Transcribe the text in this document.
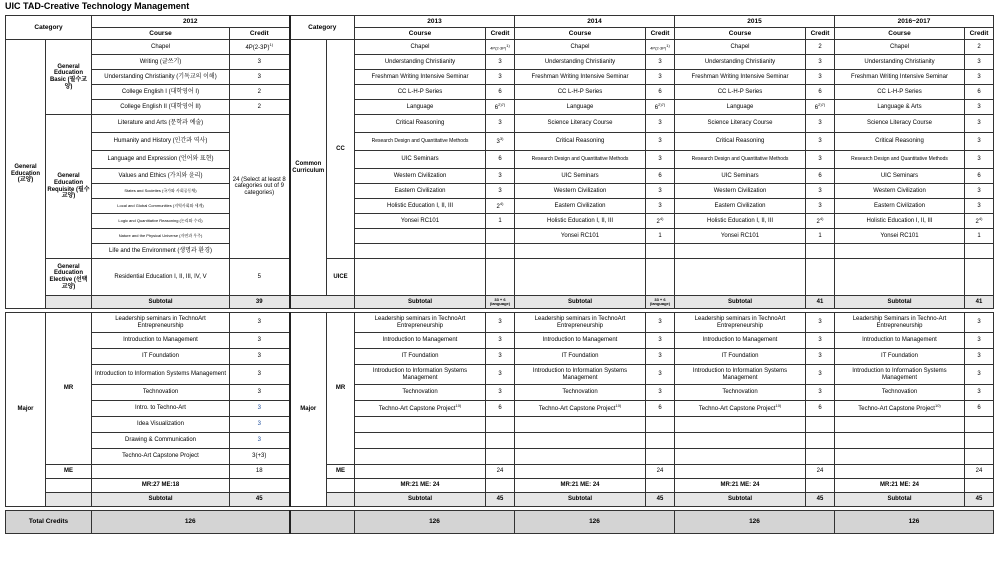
UIC TAD-Creative Technology Management
Category		2012		Category		2013		2014		2015		2016~2017	
		Course	Credit			Course	Credit	Course	Credit	Course	Credit	Course	Credit
General Education (교양)	General Education Basic (필수교양)	Chapel	$4P(2-3P)^{1)}$	Common Curriculum	CC	Chapel	4P(2-3P)1)	Chapel	4P(2-3P)1)	Chapel	2	Chapel	2
		Writing (글쓰기)	3			Understanding Christianity	3	Understanding Christianity	3	Understanding Christianity	3	Understanding Christianity	3
		Understanding Christianity (기독교의 이해)	3			Freshman Writing Intensive Seminar	3	Freshman Writing Intensive Seminar	3	Freshman Writing Intensive Seminar	3	Freshman Writing Intensive Seminar	3
		College English I (대학영어 I)	2			CC L-H-P Series	6	CC L-H-P Series	6	CC L-H-P Series	6	CC L-H-P Series	6
		College English II (대학영어 II)	2			Language	$6^{2)7)}$	Language	$6^{2)7)}$	Language	$6^{2)7)}$	Language & Arts	3
	General Education Requisite (필수교양)	Literature and Arts (문학과 예술)	24 (Select at least 8 categories out of 9 categories)			Critical Reasoning	3	Science Literacy Course	3	Science Literacy Course	3	Science Literacy Course	3
		Humanity and History (인간과 역사)				Research Design and Quantitative Methods	3$^{3)}$	Critical Reasoning	3	Critical Reasoning	3	Critical Reasoning	3
		Language and Expression (언어와 표현)				UIC Seminars	6	Research Design and Quantitative Methods	3	Research Design and Quantitative Methods	3	Research Design and Quantitative Methods	3
		Values and Ethics (가치와 윤리)				Western Civilization	3	UIC Seminars	6	UIC Seminars	6	UIC Seminars	6
		States and Societies (국가와 사회공동체)				Eastern Civilization	3	Western Civilization	3	Western Civilization	3	Western Civilization	3
		Local and Global Communities (지역사회와 세계)				Holistic Education I, II, III	2$^{4)}$	Eastern Civilization	3	Eastern Civilization	3	Eastern Civilization	3
		Logic and Quantitative Reasoning (논리와 수리)				Yonsei RC101	1	Holistic Education I, II, III	2$^{4)}$	Holistic Education I, II, III	2$^{4)}$	Holistic Education I, II, III	2$^{4)}$
		Nature and the Physical Universe (자연과 우주)						Yonsei RC101	1	Yonsei RC101	1	Yonsei RC101	1
		Life and the Environment (생명과 환경)											
	General Education Elective (선택교양)	Residential Education I, II, III, IV, V	5		UICE								
		Subtotal	39			Subtotal	33 + 6 (language)	Subtotal	33 + 6 (language)	Subtotal	41	Subtotal	41

Major	MR	Leadership seminars in TechnoArt Entrepreneurship	3	Major	MR	Leadership seminars in TechnoArt Entrepreneurship	3	Leadership seminars in TechnoArt Entrepreneurship	3	Leadership seminars in TechnoArt Entrepreneurship	3	Leadership Seminars in Techno-Art Entrepreneurship	3
		Introduction to Management	3			Introduction to Management	3	Introduction to Management	3	Introduction to Management	3	Introduction to Management	3
		IT Foundation	3			IT Foundation	3	IT Foundation	3	IT Foundation	3	IT Foundation	3
		Introduction to Information Systems Management	3			Introduction to Information Systems Management	3	Introduction to Information Systems Management	3	Introduction to Information Systems Management	3	Introduction to Information Systems Management	3
		Technovation	3			Technovation	3	Technovation	3	Technovation	3	Technovation	3
		Intro. to Techno-Art	3			Techno-Art Capstone Project$^{10)}$	6	Techno-Art Capstone Project$^{10)}$	6	Techno-Art Capstone Project$^{10)}$	6	Techno-Art Capstone Project$^{10)}$	6
		Idea Visualization	3										
		Drawing & Communication	3										
		Techno-Art Capstone Project	3(+3)										
	ME		18		ME		24		24		24		24
		MR:27 ME:18				MR:21 ME: 24		MR:21 ME: 24		MR:21 ME: 24		MR:21 ME: 24	
		Subtotal	45			Subtotal	45	Subtotal	45	Subtotal	45	Subtotal	45

Total Credits		126				126		126		126		126	
